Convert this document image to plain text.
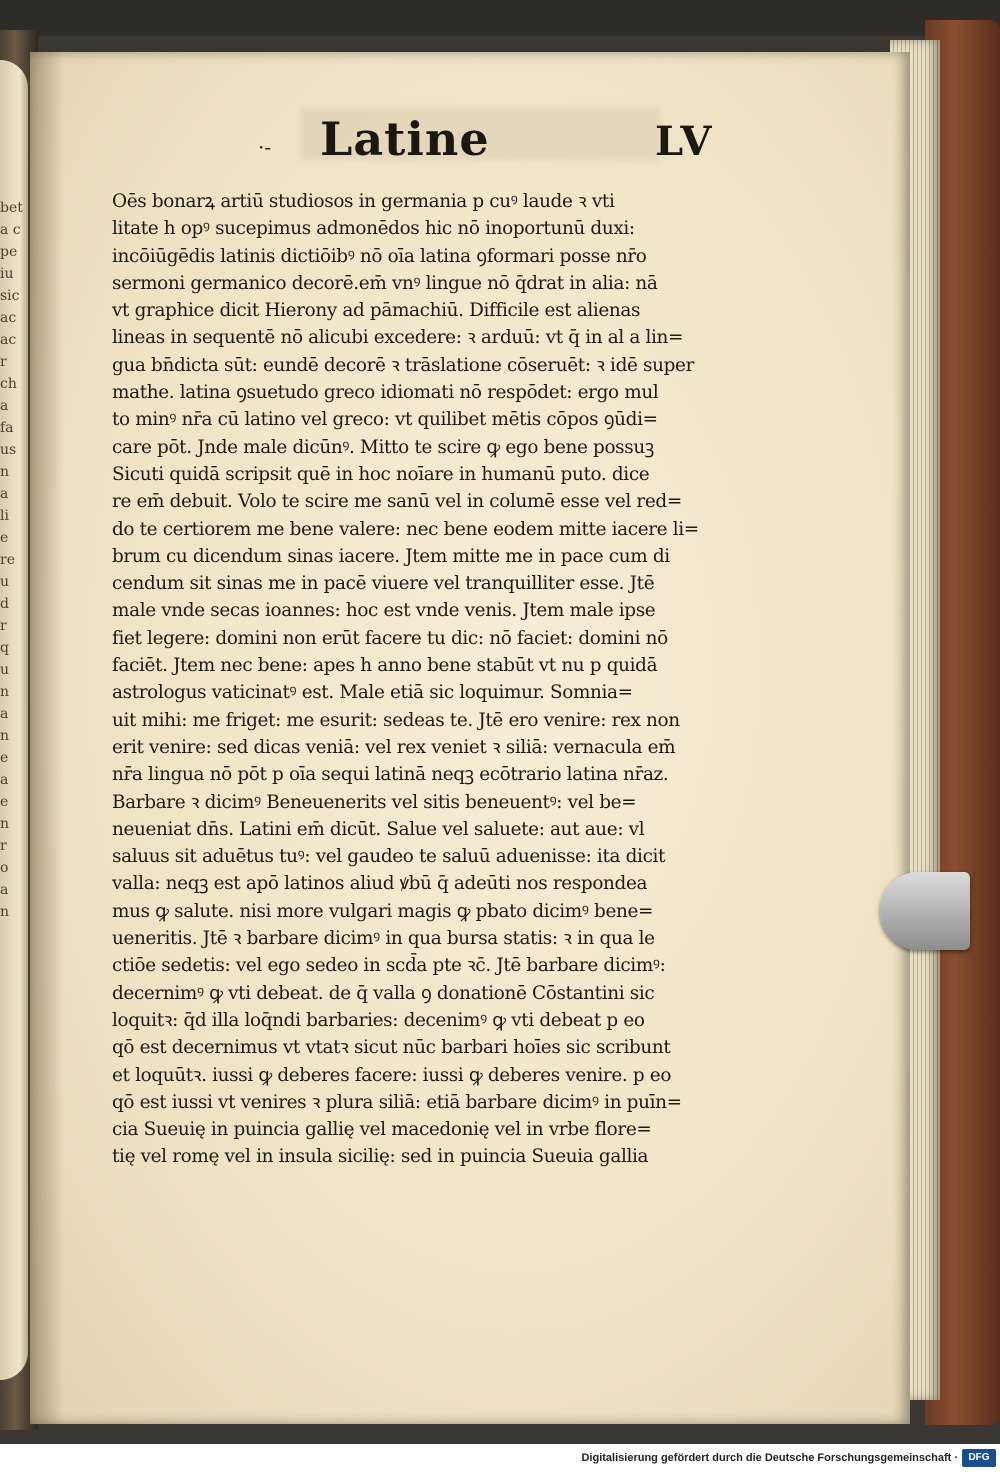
bet
a c
pe
iu
sic
ac
ac
r
ch
a
fa
us
n
a
li
e
re
u
d
r
q
u
n
a
n
e
a
e
n
r
o
a
n
·-	Latine	LV
Oēs bonarꝝ artiū studiosos in germania p cuꝰ laude ꝛ vti
litate h opꝰ sucepimus admonēdos hic nō inoportunū duxi:
incōiūgēdis latinis dictiōibꝰ nō oīa latina ꝯformari posse nr̄o
sermoni germanico decorē.em̄ vnꝰ lingue nō q̄drat in alia: nā
vt graphice dicit Hierony ad pāmachiū. Difficile est alienas
lineas in sequentē nō alicubi excedere: ꝛ arduū: vt q̄ in al a lin=
gua bn̄dicta sūt: eundē decorē ꝛ trāslatione cōseruēt: ꝛ idē super
mathe. latina ꝯsuetudo greco idiomati nō respōdet: ergo mul
to minꝰ nr̄a cū latino vel greco: vt quilibet mētis cōpos ꝯūdi=
care pōt. Jnde male dicūnꝰ. Mitto te scire ꝙ ego bene possuꝫ
Sicuti quidā scripsit quē in hoc noīare in humanū puto. dice
re em̄ debuit. Volo te scire me sanū vel in columē esse vel red=
do te certiorem me bene valere: nec bene eodem mitte iacere li=
brum cu dicendum sinas iacere. Jtem mitte me in pace cum di
cendum sit sinas me in pacē viuere vel tranquilliter esse. Jtē
male vnde secas ioannes: hoc est vnde venis. Jtem male ipse
fiet legere: domini non erūt facere tu dic: nō faciet: domini nō
faciēt. Jtem nec bene: apes h anno bene stabūt vt nu p quidā
astrologus vaticinatꝰ est. Male etiā sic loquimur. Somnia=
uit mihi: me friget: me esurit: sedeas te. Jtē ero venire: rex non
erit venire: sed dicas veniā: vel rex veniet ꝛ siliā: vernacula em̄
nr̄a lingua nō pōt p oīa sequi latinā neqꝫ ecōtrario latina nr̄az.
Barbare ꝛ dicimꝰ Beneuenerits vel sitis beneuentꝰ: vel be=
neueniat dn̄s. Latini em̄ dicūt. Salue vel saluete: aut aue: vl
saluus sit aduētus tuꝰ: vel gaudeo te saluū aduenisse: ita dicit
valla: neqꝫ est apō latinos aliud ꝟbū q̄ adeūti nos respondea
mus ꝙ salute. nisi more vulgari magis ꝙ pbato dicimꝰ bene=
ueneritis. Jtē ꝛ barbare dicimꝰ in qua bursa statis: ꝛ in qua le
ctiōe sedetis: vel ego sedeo in scd̄a pte ꝛc̄. Jtē barbare dicimꝰ:
decernimꝰ ꝙ vti debeat. de q̄ valla ꝯ donationē Cōstantini sic
loquitꝛ: q̄d illa loq̄ndi barbaries: decenimꝰ ꝙ vti debeat p eo
qō est decernimus vt vtatꝛ sicut nūc barbari hoīes sic scribunt
et loquūtꝛ. iussi ꝙ deberes facere: iussi ꝙ deberes venire. p eo
qō est iussi vt venires ꝛ plura siliā: etiā barbare dicimꝰ in puīn=
cia Sueuię in puincia gallię vel macedonię vel in vrbe flore=
tię vel romę vel in insula sicilię: sed in puincia Sueuia gallia
Digitalisierung gefördert durch die Deutsche Forschungsgemeinschaft ·	DFG
